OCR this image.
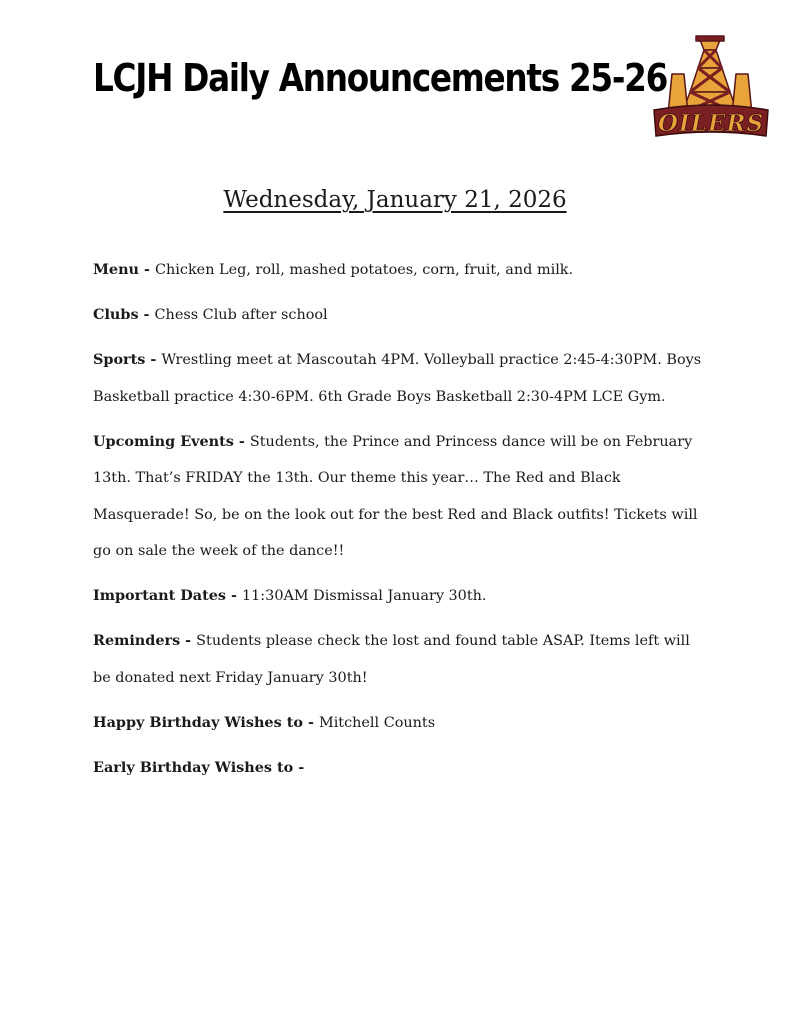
LCJH Daily Announcements 25-26
OILERS
Wednesday, January 21, 2026

Menu - Chicken Leg, roll, mashed potatoes, corn, fruit, and milk.

Clubs - Chess Club after school

Sports - Wrestling meet at Mascoutah 4PM. Volleyball practice 2:45-4:30PM. Boys Basketball practice 4:30-6PM. 6th Grade Boys Basketball 2:30-4PM LCE Gym.

Upcoming Events - Students, the Prince and Princess dance will be on February 13th. That’s FRIDAY the 13th. Our theme this year… The Red and Black Masquerade! So, be on the look out for the best Red and Black outfits! Tickets will go on sale the week of the dance!!

Important Dates - 11:30AM Dismissal January 30th.

Reminders - Students please check the lost and found table ASAP. Items left will be donated next Friday January 30th!

Happy Birthday Wishes to - Mitchell Counts

Early Birthday Wishes to -
